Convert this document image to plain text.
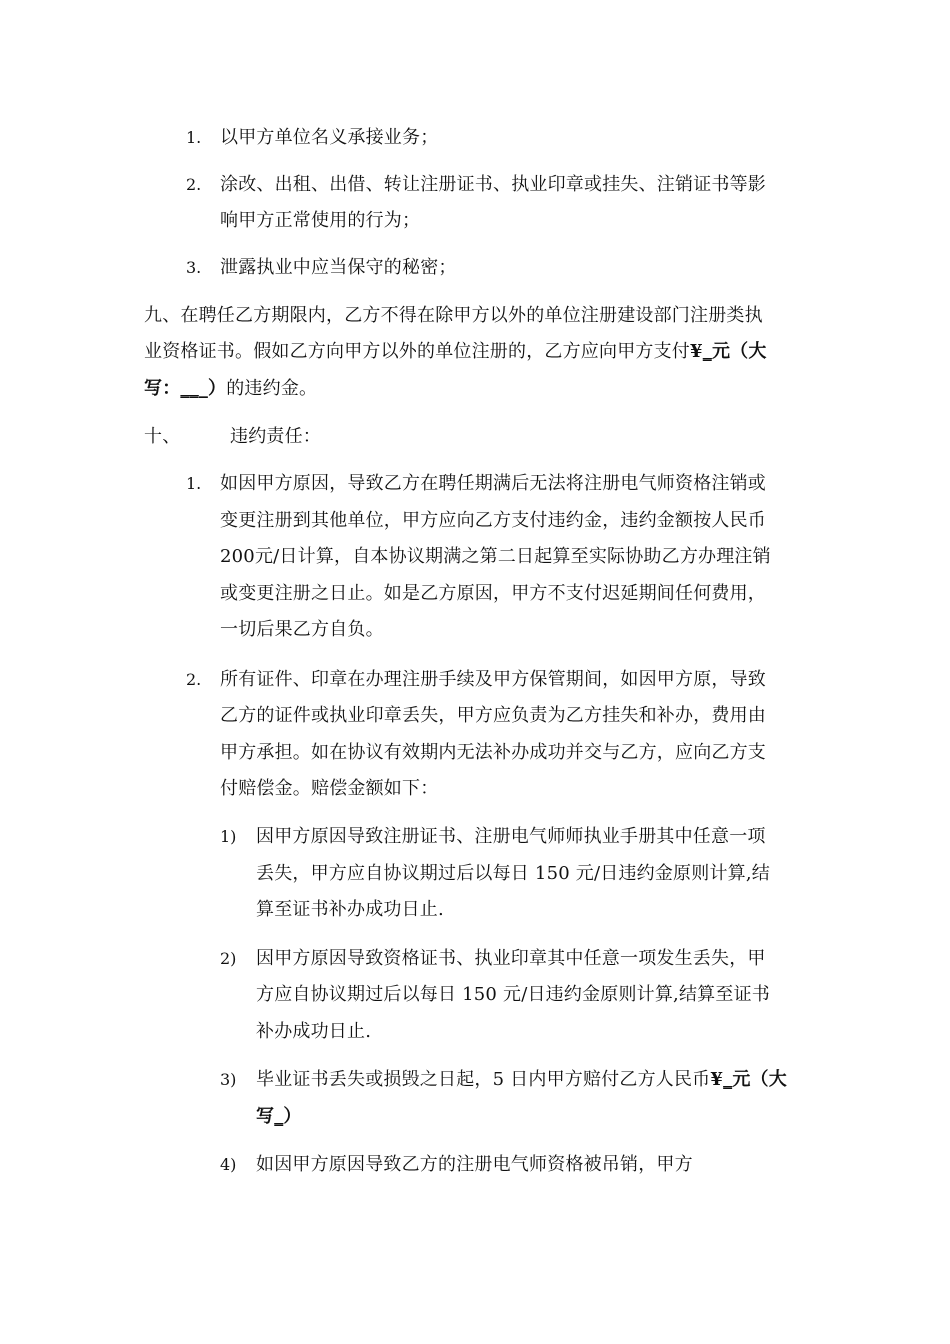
1. 以甲方单位名义承接业务；
2. 涂改、出租、出借、转让注册证书、执业印章或挂失、注销证书等影
响甲方正常使用的行为；
3. 泄露执业中应当保守的秘密；
九、在聘任乙方期限内，乙方不得在除甲方以外的单位注册建设部门注册类执
业资格证书。假如乙方向甲方以外的单位注册的，乙方应向甲方支付¥_元（大
写：___）的违约金。
十、	违约责任：
1. 如因甲方原因，导致乙方在聘任期满后无法将注册电气师资格注销或
变更注册到其他单位，甲方应向乙方支付违约金，违约金额按人民币
200元/日计算，自本协议期满之第二日起算至实际协助乙方办理注销
或变更注册之日止。如是乙方原因，甲方不支付迟延期间任何费用，
一切后果乙方自负。
2. 所有证件、印章在办理注册手续及甲方保管期间，如因甲方原，导致
乙方的证件或执业印章丢失，甲方应负责为乙方挂失和补办，费用由
甲方承担。如在协议有效期内无法补办成功并交与乙方，应向乙方支
付赔偿金。赔偿金额如下：
1) 因甲方原因导致注册证书、注册电气师师执业手册其中任意一项
丢失，甲方应自协议期过后以每日 150 元/日违约金原则计算,结
算至证书补办成功日止.
2) 因甲方原因导致资格证书、执业印章其中任意一项发生丢失，甲
方应自协议期过后以每日 150 元/日违约金原则计算,结算至证书
补办成功日止.
3) 毕业证书丢失或损毁之日起，5 日内甲方赔付乙方人民币¥_元（大
写_）
4) 如因甲方原因导致乙方的注册电气师资格被吊销，甲方
